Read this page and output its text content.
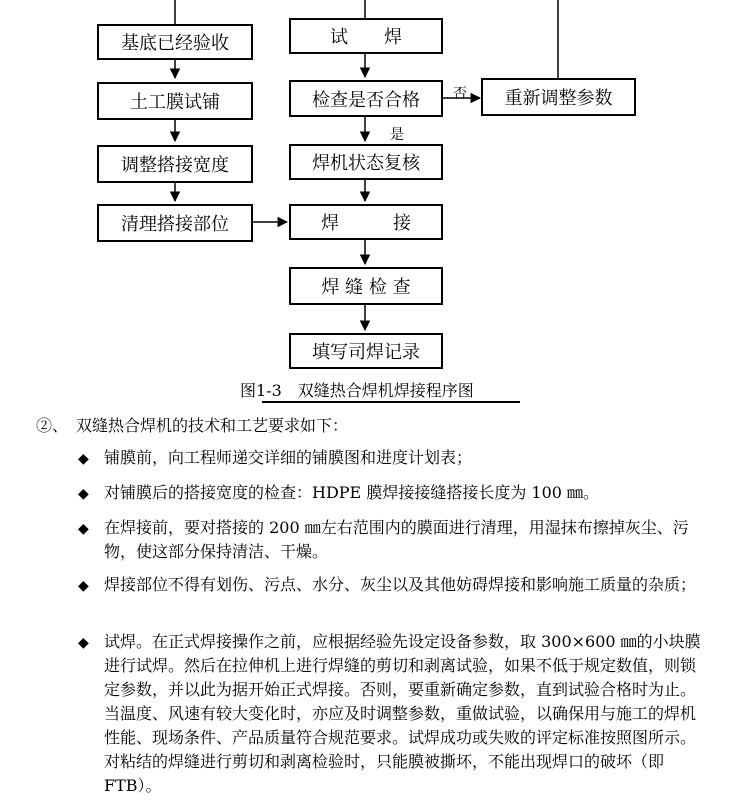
基底已经验收
土工膜试铺
调整搭接宽度
清理搭接部位
试　　焊
检查是否合格
焊机状态复核
焊　　　接
焊 缝 检 查
填写司焊记录
重新调整参数
否
是
图1-3　双缝热合焊机焊接程序图
②、　双缝热合焊机的技术和工艺要求如下：
◆ 铺膜前，向工程师递交详细的铺膜图和进度计划表；
◆ 对铺膜后的搭接宽度的检查：HDPE 膜焊接接缝搭接长度为 100 ㎜。
◆ 在焊接前，要对搭接的 200 ㎜左右范围内的膜面进行清理，用湿抹布擦掉灰尘、污物，使这部分保持清洁、干燥。
◆ 焊接部位不得有划伤、污点、水分、灰尘以及其他妨碍焊接和影响施工质量的杂质；
◆ 试焊。在正式焊接操作之前，应根据经验先设定设备参数，取 300×600 ㎜的小块膜进行试焊。然后在拉伸机上进行焊缝的剪切和剥离试验，如果不低于规定数值，则锁定参数，并以此为据开始正式焊接。否则，要重新确定参数，直到试验合格时为止。当温度、风速有较大变化时，亦应及时调整参数，重做试验，以确保用与施工的焊机性能、现场条件、产品质量符合规范要求。试焊成功或失败的评定标准按照图所示。对粘结的焊缝进行剪切和剥离检验时，只能膜被撕坏，不能出现焊口的破坏（即 FTB）。
